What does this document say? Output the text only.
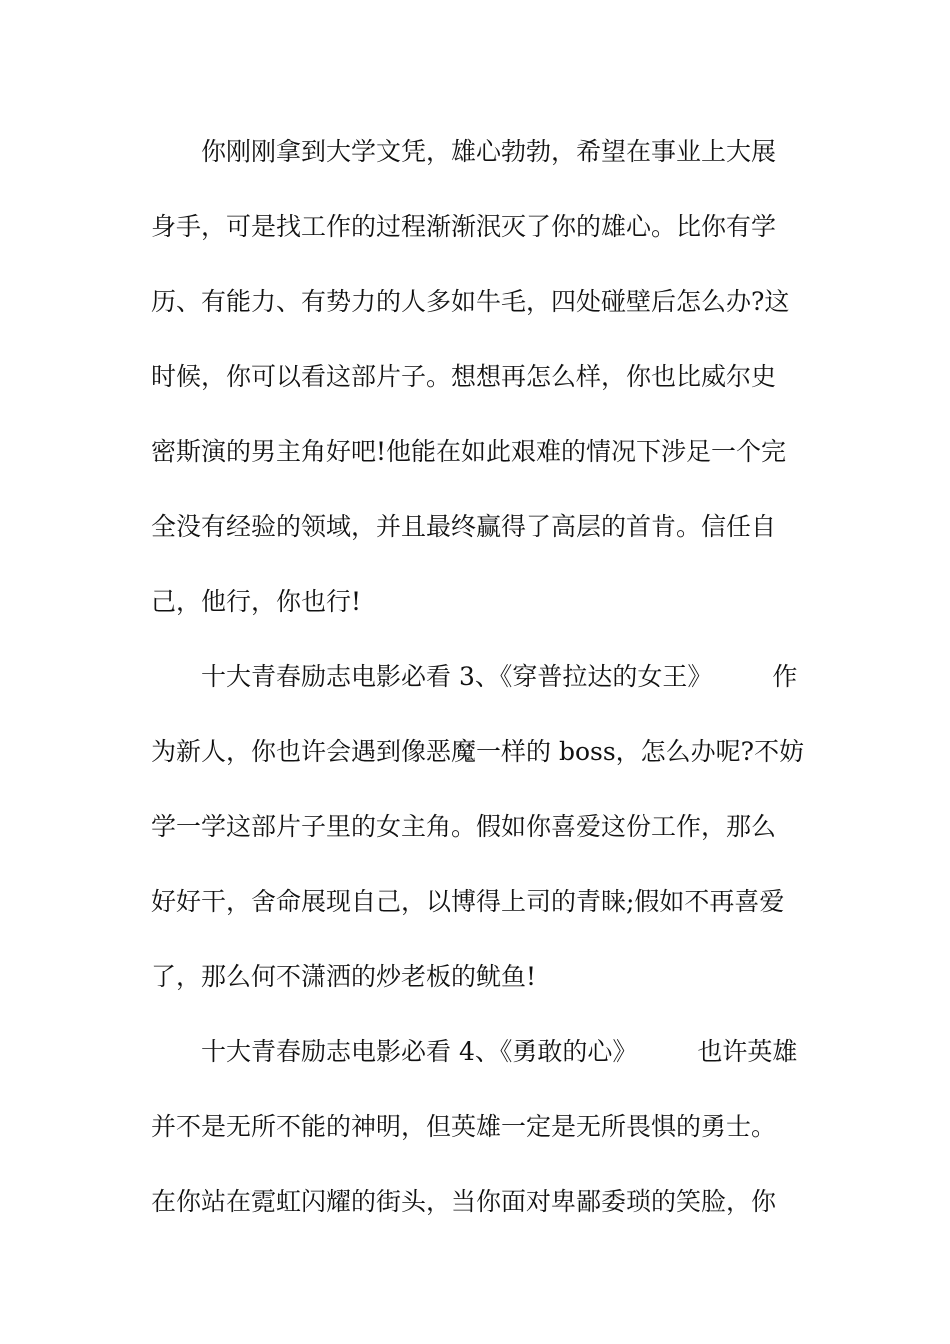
你刚刚拿到大学文凭，雄心勃勃，希望在事业上大展
身手，可是找工作的过程渐渐泯灭了你的雄心。比你有学
历、有能力、有势力的人多如牛毛，四处碰壁后怎么办?这
时候，你可以看这部片子。想想再怎么样，你也比威尔史
密斯演的男主角好吧!他能在如此艰难的情况下涉足一个完
全没有经验的领域，并且最终赢得了高层的首肯。信任自
己，他行，你也行!
十大青春励志电影必看 3、《穿普拉达的女王》 作
为新人，你也许会遇到像恶魔一样的 boss，怎么办呢?不妨
学一学这部片子里的女主角。假如你喜爱这份工作，那么
好好干，舍命展现自己，以博得上司的青睐;假如不再喜爱
了，那么何不潇洒的炒老板的鱿鱼!
十大青春励志电影必看 4、《勇敢的心》 也许英雄
并不是无所不能的神明，但英雄一定是无所畏惧的勇士。
在你站在霓虹闪耀的街头，当你面对卑鄙委琐的笑脸，你
